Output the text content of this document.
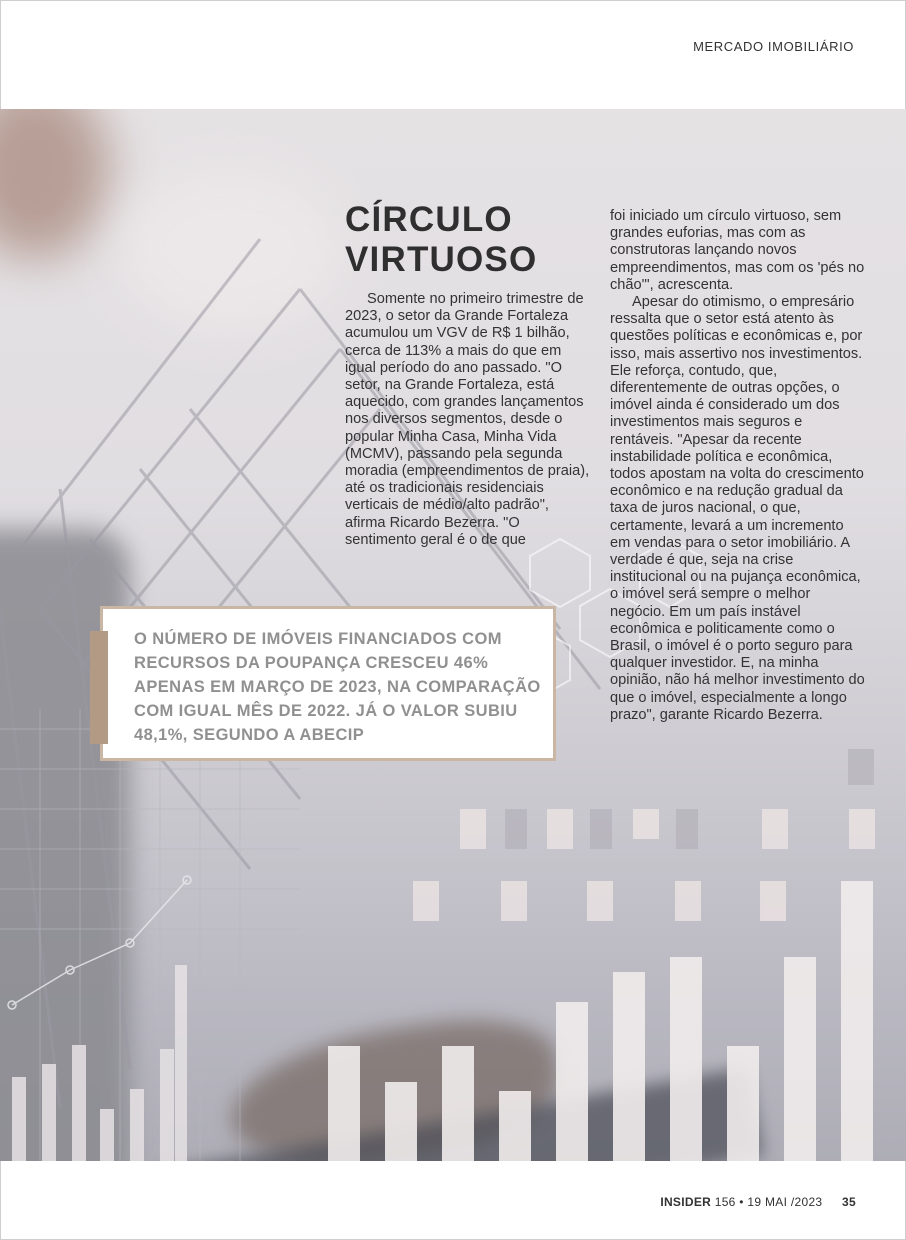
MERCADO IMOBILIÁRIO
CÍRCULO
VIRTUOSO

Somente no primeiro trimestre de 2023, o setor da Grande Fortaleza acumulou um VGV de R$ 1 bilhão, cerca de 113% a mais do que em igual período do ano passado. "O setor, na Grande Fortaleza, está aquecido, com grandes lançamentos nos diversos segmentos, desde o popular Minha Casa, Minha Vida (MCMV), passando pela segunda moradia (empreendimentos de praia), até os tradicionais residenciais verticais de médio/alto padrão", afirma Ricardo Bezerra. "O sentimento geral é o de que

foi iniciado um círculo virtuoso, sem grandes euforias, mas com as construtoras lançando novos empreendimentos, mas com os 'pés no chão'", acrescenta.

Apesar do otimismo, o empresário ressalta que o setor está atento às questões políticas e econômicas e, por isso, mais assertivo nos investimentos.

Ele reforça, contudo, que, diferentemente de outras opções, o imóvel ainda é considerado um dos investimentos mais seguros e rentáveis. "Apesar da recente instabilidade política e econômica, todos apostam na volta do crescimento econômico e na redução gradual da taxa de juros nacional, o que, certamente, levará a um incremento em vendas para o setor imobiliário. A verdade é que, seja na crise institucional ou na pujança econômica, o imóvel será sempre o melhor negócio. Em um país instável econômica e politicamente como o Brasil, o imóvel é o porto seguro para qualquer investidor. E, na minha opinião, não há melhor investimento do que o imóvel, especialmente a longo prazo", garante Ricardo Bezerra.

O NÚMERO DE IMÓVEIS FINANCIADOS COM RECURSOS DA POUPANÇA CRESCEU 46% APENAS EM MARÇO DE 2023, NA COMPARAÇÃO COM IGUAL MÊS DE 2022. JÁ O VALOR SUBIU 48,1%, SEGUNDO A ABECIP

INSIDER 156 • 19 MAI /2023 35
